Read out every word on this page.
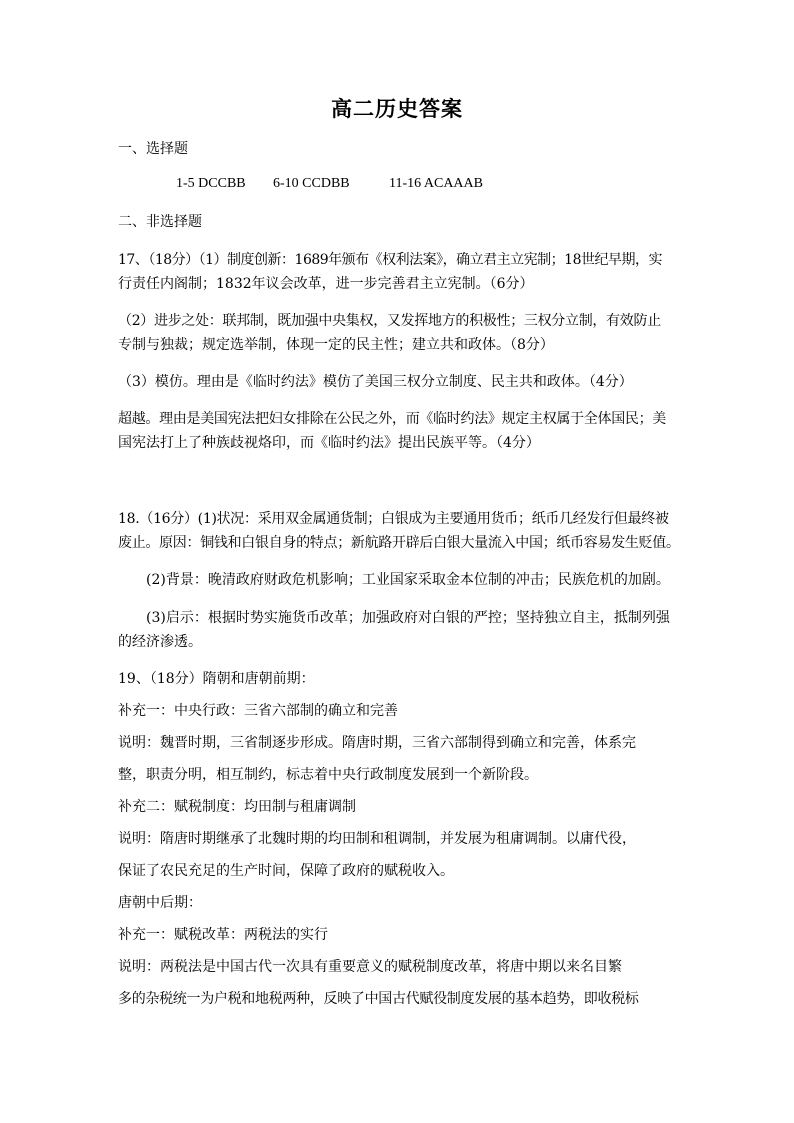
高二历史答案
一、选择题
1-5 DCCBB 6-10 CCDBB	11-16 ACAAAB
二、非选择题
17、（18分）（1）制度创新：1689年颁布《权利法案》，确立君主立宪制；18世纪早期，实
行责任内阁制；1832年议会改革，进一步完善君主立宪制。（6分）
（2）进步之处：联邦制，既加强中央集权，又发挥地方的积极性；三权分立制，有效防止
专制与独裁；规定选举制，体现一定的民主性；建立共和政体。（8分）
（3）模仿。理由是《临时约法》模仿了美国三权分立制度、民主共和政体。（4分）
超越。理由是美国宪法把妇女排除在公民之外，而《临时约法》规定主权属于全体国民；美
国宪法打上了种族歧视烙印，而《临时约法》提出民族平等。（4分）
18.（16分）(1)状况：采用双金属通货制；白银成为主要通用货币；纸币几经发行但最终被
废止。原因：铜钱和白银自身的特点；新航路开辟后白银大量流入中国；纸币容易发生贬值。
(2)背景：晚清政府财政危机影响；工业国家采取金本位制的冲击；民族危机的加剧。
(3)启示：根据时势实施货币改革；加强政府对白银的严控；坚持独立自主，抵制列强
的经济渗透。
19、（18分）隋朝和唐朝前期：
补充一：中央行政：三省六部制的确立和完善
说明：魏晋时期，三省制逐步形成。隋唐时期，三省六部制得到确立和完善，体系完
整，职责分明，相互制约，标志着中央行政制度发展到一个新阶段。
补充二：赋税制度：均田制与租庸调制
说明：隋唐时期继承了北魏时期的均田制和租调制，并发展为租庸调制。以庸代役，
保证了农民充足的生产时间，保障了政府的赋税收入。
唐朝中后期：
补充一：赋税改革：两税法的实行
说明：两税法是中国古代一次具有重要意义的赋税制度改革，将唐中期以来名目繁
多的杂税统一为户税和地税两种，反映了中国古代赋役制度发展的基本趋势，即收税标
